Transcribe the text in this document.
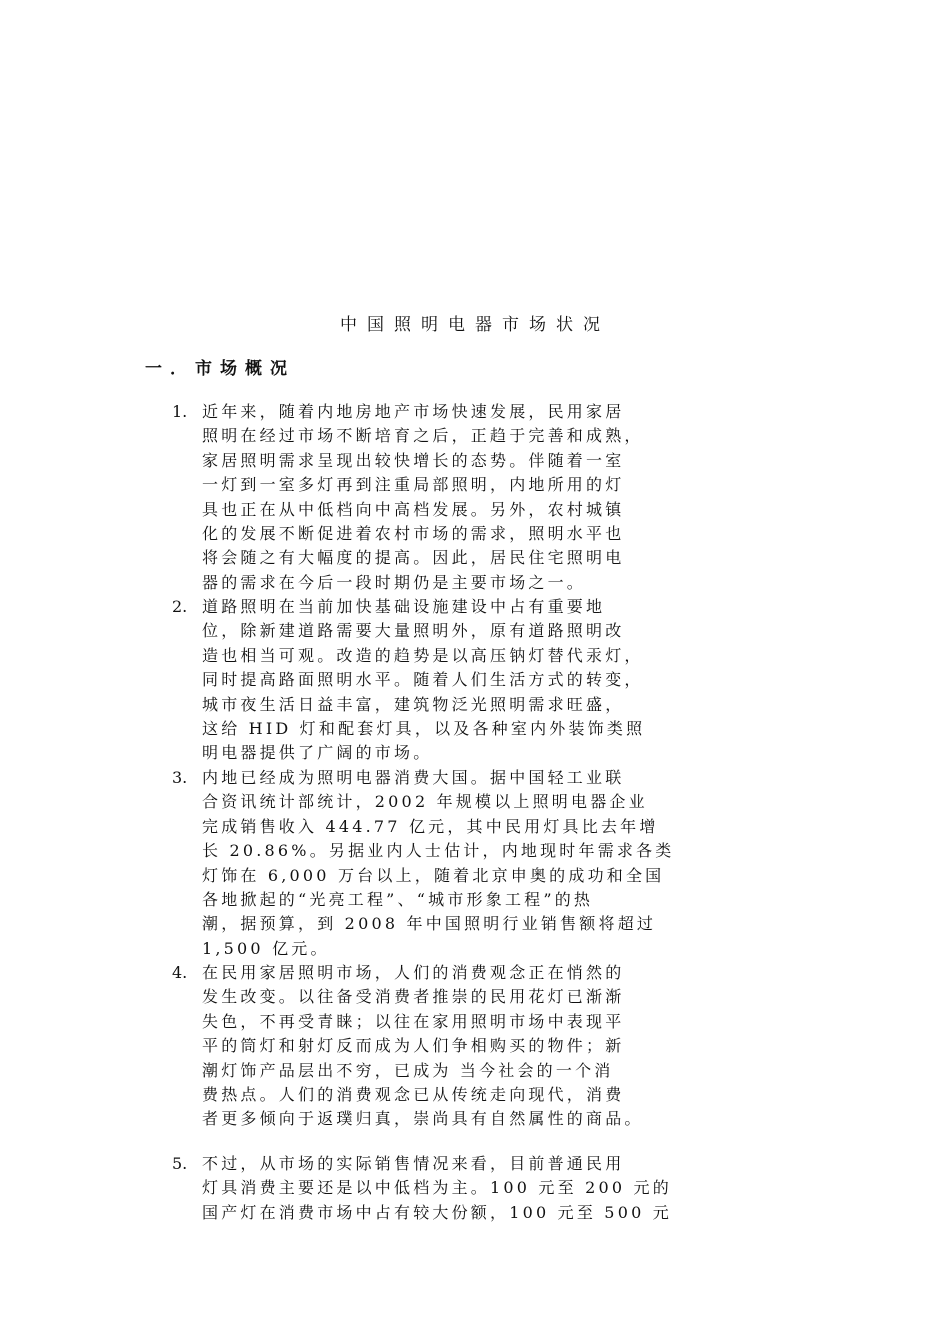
中国照明电器市场状况
一．市场概况
1. 近年来，随着内地房地产市场快速发展，民用家居
照明在经过市场不断培育之后，正趋于完善和成熟，
家居照明需求呈现出较快增长的态势。伴随着一室
一灯到一室多灯再到注重局部照明，内地所用的灯
具也正在从中低档向中高档发展。另外，农村城镇
化的发展不断促进着农村市场的需求，照明水平也
将会随之有大幅度的提高。因此，居民住宅照明电
器的需求在今后一段时期仍是主要市场之一。
2. 道路照明在当前加快基础设施建设中占有重要地
位，除新建道路需要大量照明外，原有道路照明改
造也相当可观。改造的趋势是以高压钠灯替代汞灯，
同时提高路面照明水平。随着人们生活方式的转变，
城市夜生活日益丰富，建筑物泛光照明需求旺盛，
这给 HID 灯和配套灯具，以及各种室内外装饰类照
明电器提供了广阔的市场。
3. 内地已经成为照明电器消费大国。据中国轻工业联
合资讯统计部统计，2002 年规模以上照明电器企业
完成销售收入 444.77 亿元，其中民用灯具比去年增
长 20.86%。另据业内人士估计，内地现时年需求各类
灯饰在 6,000 万台以上，随着北京申奥的成功和全国
各地掀起的“光亮工程”、“城市形象工程”的热
潮，据预算，到 2008 年中国照明行业销售额将超过
1,500 亿元。
4. 在民用家居照明市场，人们的消费观念正在悄然的
发生改变。以往备受消费者推崇的民用花灯已渐渐
失色，不再受青睐；以往在家用照明市场中表现平
平的筒灯和射灯反而成为人们争相购买的物件；新
潮灯饰产品层出不穷，已成为 当今社会的一个消
费热点。人们的消费观念已从传统走向现代，消费
者更多倾向于返璞归真，崇尚具有自然属性的商品。
5. 不过，从市场的实际销售情况来看，目前普通民用
灯具消费主要还是以中低档为主。100 元至 200 元的
国产灯在消费市场中占有较大份额，100 元至 500 元
